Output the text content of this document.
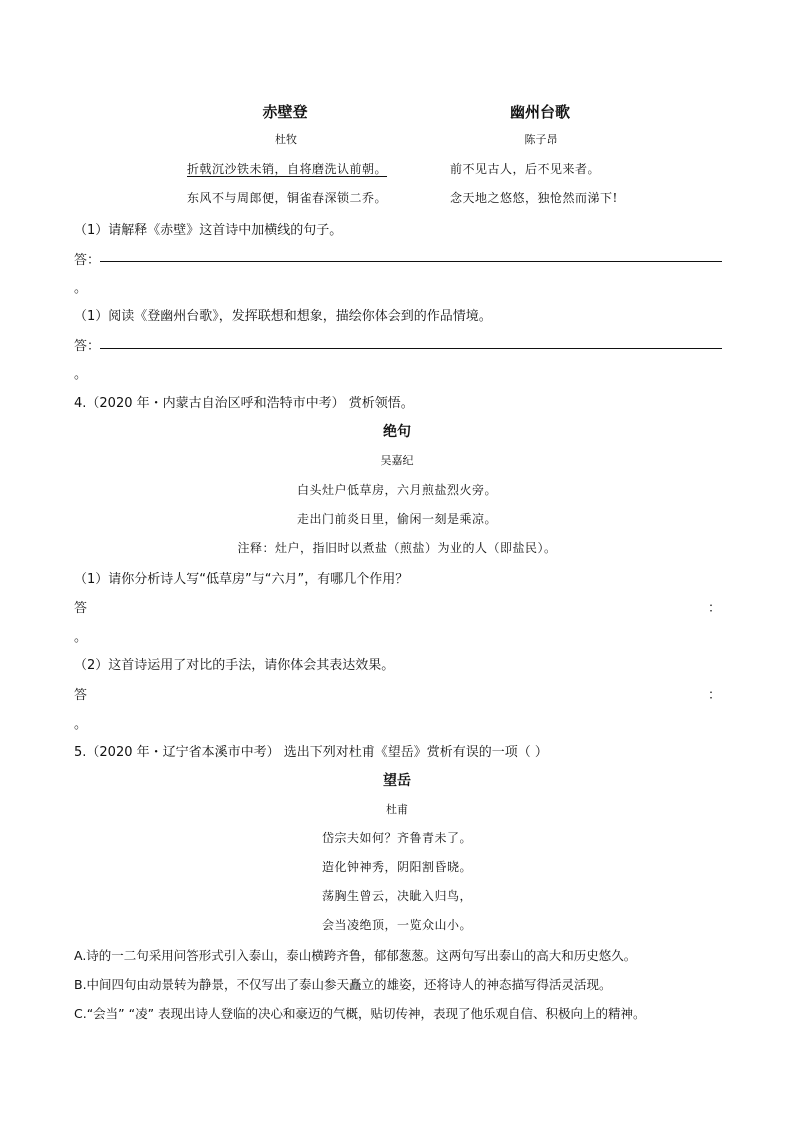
赤壁登
杜牧
折戟沉沙铁未销，自将磨洗认前朝。
东风不与周郎便，铜雀春深锁二乔。
幽州台歌
陈子昂
前不见古人，后不见来者。
念天地之悠悠，独怆然而涕下!
（1）请解释《赤壁》这首诗中加横线的句子。
答：
。
（1）阅读《登幽州台歌》，发挥联想和想象，描绘你体会到的作品情境。
答：
。
4.（2020 年・内蒙古自治区呼和浩特市中考） 赏析领悟。
绝句
吴嘉纪
白头灶户低草房，六月煎盐烈火旁。
走出门前炎日里，偷闲一刻是乘凉。
注释：灶户，指旧时以煮盐（煎盐）为业的人（即盐民）。
（1）请你分析诗人写“低草房”与“六月”，有哪几个作用？
答	：
。
（2）这首诗运用了对比的手法，请你体会其表达效果。
答	：
。
5.（2020 年・辽宁省本溪市中考） 选出下列对杜甫《望岳》赏析有误的一项（ ）
望岳
杜甫
岱宗夫如何？齐鲁青未了。
造化钟神秀，阴阳割昏晓。
荡胸生曾云，决眦入归鸟，
会当凌绝顶，一览众山小。
A.诗的一二句采用问答形式引入泰山，泰山横跨齐鲁，郁郁葱葱。这两句写出泰山的高大和历史悠久。
B.中间四句由动景转为静景，不仅写出了泰山参天矗立的雄姿，还将诗人的神态描写得活灵活现。
C.“会当” “凌” 表现出诗人登临的决心和豪迈的气概，贴切传神，表现了他乐观自信、积极向上的精神。
